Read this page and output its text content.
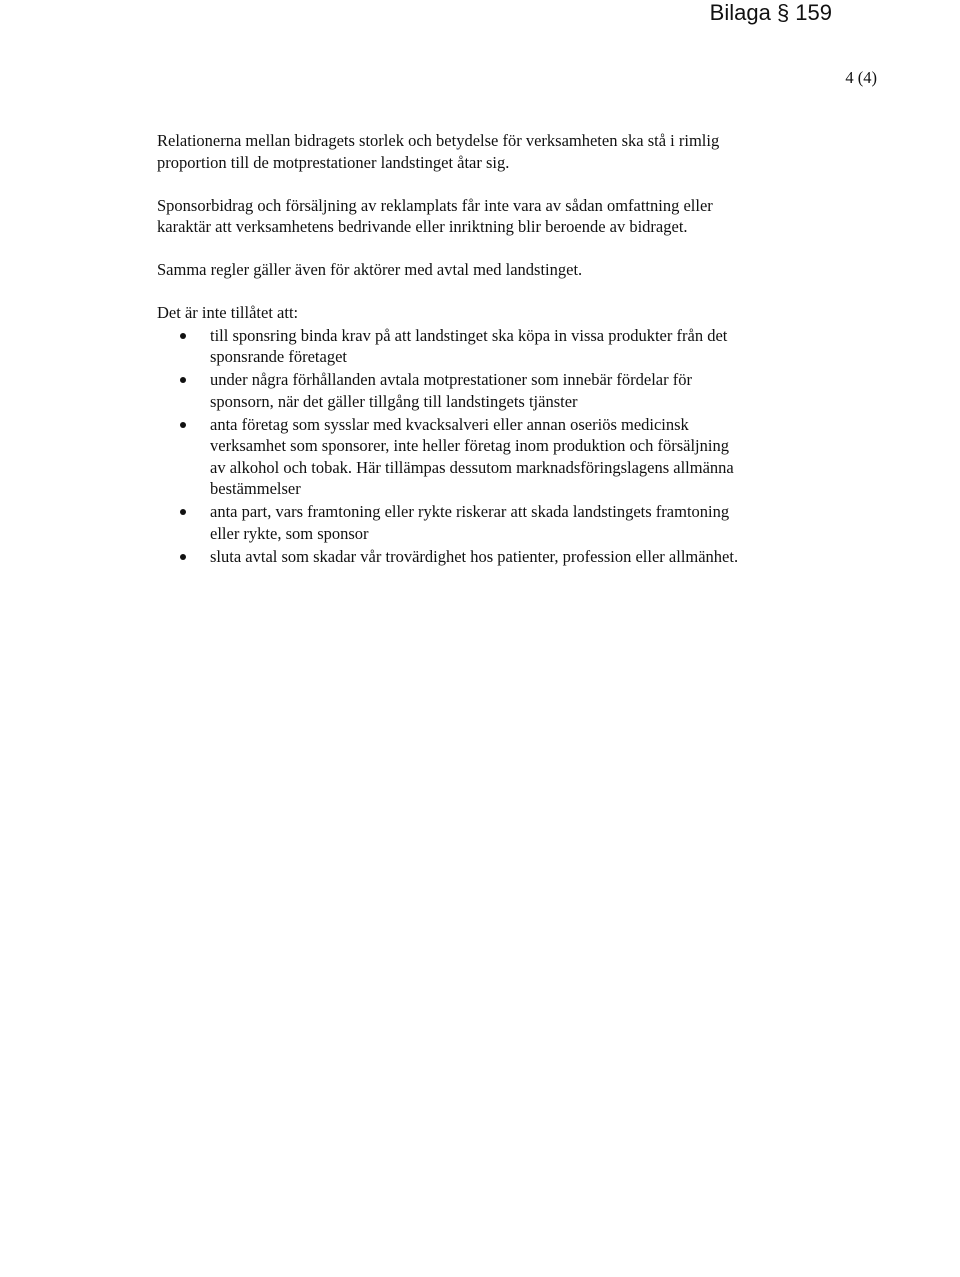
Bilaga § 159
4 (4)

Relationerna mellan bidragets storlek och betydelse för verksamheten ska stå i rimlig
proportion till de motprestationer landstinget åtar sig.

Sponsorbidrag och försäljning av reklamplats får inte vara av sådan omfattning eller
karaktär att verksamhetens bedrivande eller inriktning blir beroende av bidraget.

Samma regler gäller även för aktörer med avtal med landstinget.

Det är inte tillåtet att:

till sponsring binda krav på att landstinget ska köpa in vissa produkter från det
sponsrande företaget
under några förhållanden avtala motprestationer som innebär fördelar för
sponsorn, när det gäller tillgång till landstingets tjänster
anta företag som sysslar med kvacksalveri eller annan oseriös medicinsk
verksamhet som sponsorer, inte heller företag inom produktion och försäljning
av alkohol och tobak. Här tillämpas dessutom marknadsföringslagens allmänna
bestämmelser
anta part, vars framtoning eller rykte riskerar att skada landstingets framtoning
eller rykte, som sponsor
sluta avtal som skadar vår trovärdighet hos patienter, profession eller allmänhet.
